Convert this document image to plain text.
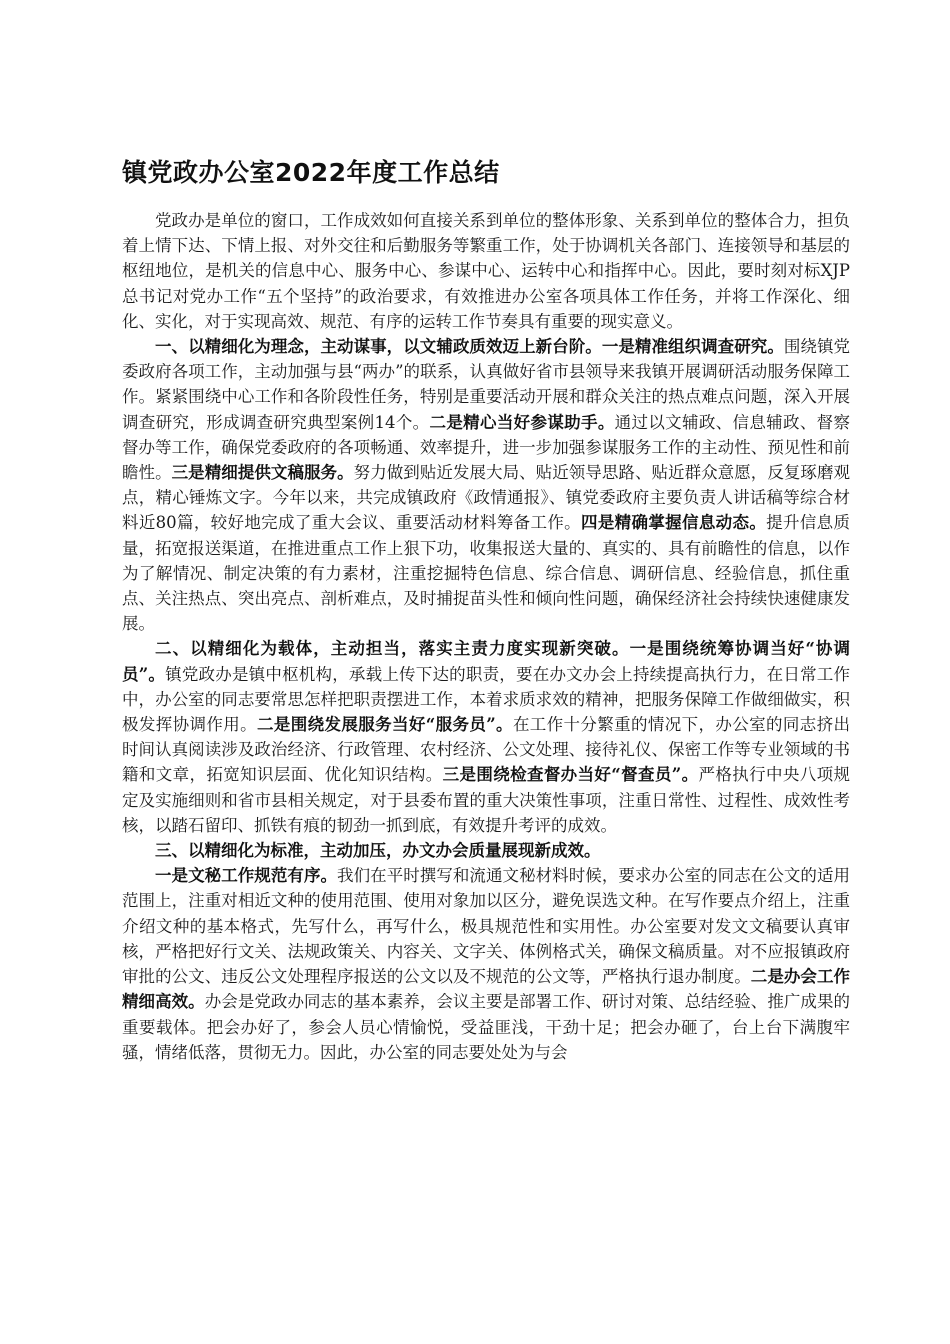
镇党政办公室2022年度工作总结

党政办是单位的窗口，工作成效如何直接关系到单位的整体形象、关系到单位的整体合力，担负着上情下达、下情上报、对外交往和后勤服务等繁重工作，处于协调机关各部门、连接领导和基层的枢纽地位，是机关的信息中心、服务中心、参谋中心、运转中心和指挥中心。因此，要时刻对标XJP总书记对党办工作“五个坚持”的政治要求，有效推进办公室各项具体工作任务，并将工作深化、细化、实化，对于实现高效、规范、有序的运转工作节奏具有重要的现实意义。

一、以精细化为理念，主动谋事，以文辅政质效迈上新台阶。一是精准组织调查研究。围绕镇党委政府各项工作，主动加强与县“两办”的联系，认真做好省市县领导来我镇开展调研活动服务保障工作。紧紧围绕中心工作和各阶段性任务，特别是重要活动开展和群众关注的热点难点问题，深入开展调查研究，形成调查研究典型案例14个。二是精心当好参谋助手。通过以文辅政、信息辅政、督察督办等工作，确保党委政府的各项畅通、效率提升，进一步加强参谋服务工作的主动性、预见性和前瞻性。三是精细提供文稿服务。努力做到贴近发展大局、贴近领导思路、贴近群众意愿，反复琢磨观点，精心锤炼文字。今年以来，共完成镇政府《政情通报》、镇党委政府主要负责人讲话稿等综合材料近80篇，较好地完成了重大会议、重要活动材料筹备工作。四是精确掌握信息动态。提升信息质量，拓宽报送渠道，在推进重点工作上狠下功，收集报送大量的、真实的、具有前瞻性的信息，以作为了解情况、制定决策的有力素材，注重挖掘特色信息、综合信息、调研信息、经验信息，抓住重点、关注热点、突出亮点、剖析难点，及时捕捉苗头性和倾向性问题，确保经济社会持续快速健康发展。

二、以精细化为载体，主动担当，落实主责力度实现新突破。一是围绕统筹协调当好“协调员”。镇党政办是镇中枢机构，承载上传下达的职责，要在办文办会上持续提高执行力，在日常工作中，办公室的同志要常思怎样把职责摆进工作，本着求质求效的精神，把服务保障工作做细做实，积极发挥协调作用。二是围绕发展服务当好“服务员”。在工作十分繁重的情况下，办公室的同志挤出时间认真阅读涉及政治经济、行政管理、农村经济、公文处理、接待礼仪、保密工作等专业领域的书籍和文章，拓宽知识层面、优化知识结构。三是围绕检查督办当好“督查员”。严格执行中央八项规定及实施细则和省市县相关规定，对于县委布置的重大决策性事项，注重日常性、过程性、成效性考核，以踏石留印、抓铁有痕的韧劲一抓到底，有效提升考评的成效。

三、以精细化为标准，主动加压，办文办会质量展现新成效。

一是文秘工作规范有序。我们在平时撰写和流通文秘材料时候，要求办公室的同志在公文的适用范围上，注重对相近文种的使用范围、使用对象加以区分，避免误选文种。在写作要点介绍上，注重介绍文种的基本格式，先写什么，再写什么，极具规范性和实用性。办公室要对发文文稿要认真审核，严格把好行文关、法规政策关、内容关、文字关、体例格式关，确保文稿质量。对不应报镇政府审批的公文、违反公文处理程序报送的公文以及不规范的公文等，严格执行退办制度。二是办会工作精细高效。办会是党政办同志的基本素养，会议主要是部署工作、研讨对策、总结经验、推广成果的重要载体。把会办好了，参会人员心情愉悦，受益匪浅，干劲十足；把会办砸了，台上台下满腹牢骚，情绪低落，贯彻无力。因此，办公室的同志要处处为与会
